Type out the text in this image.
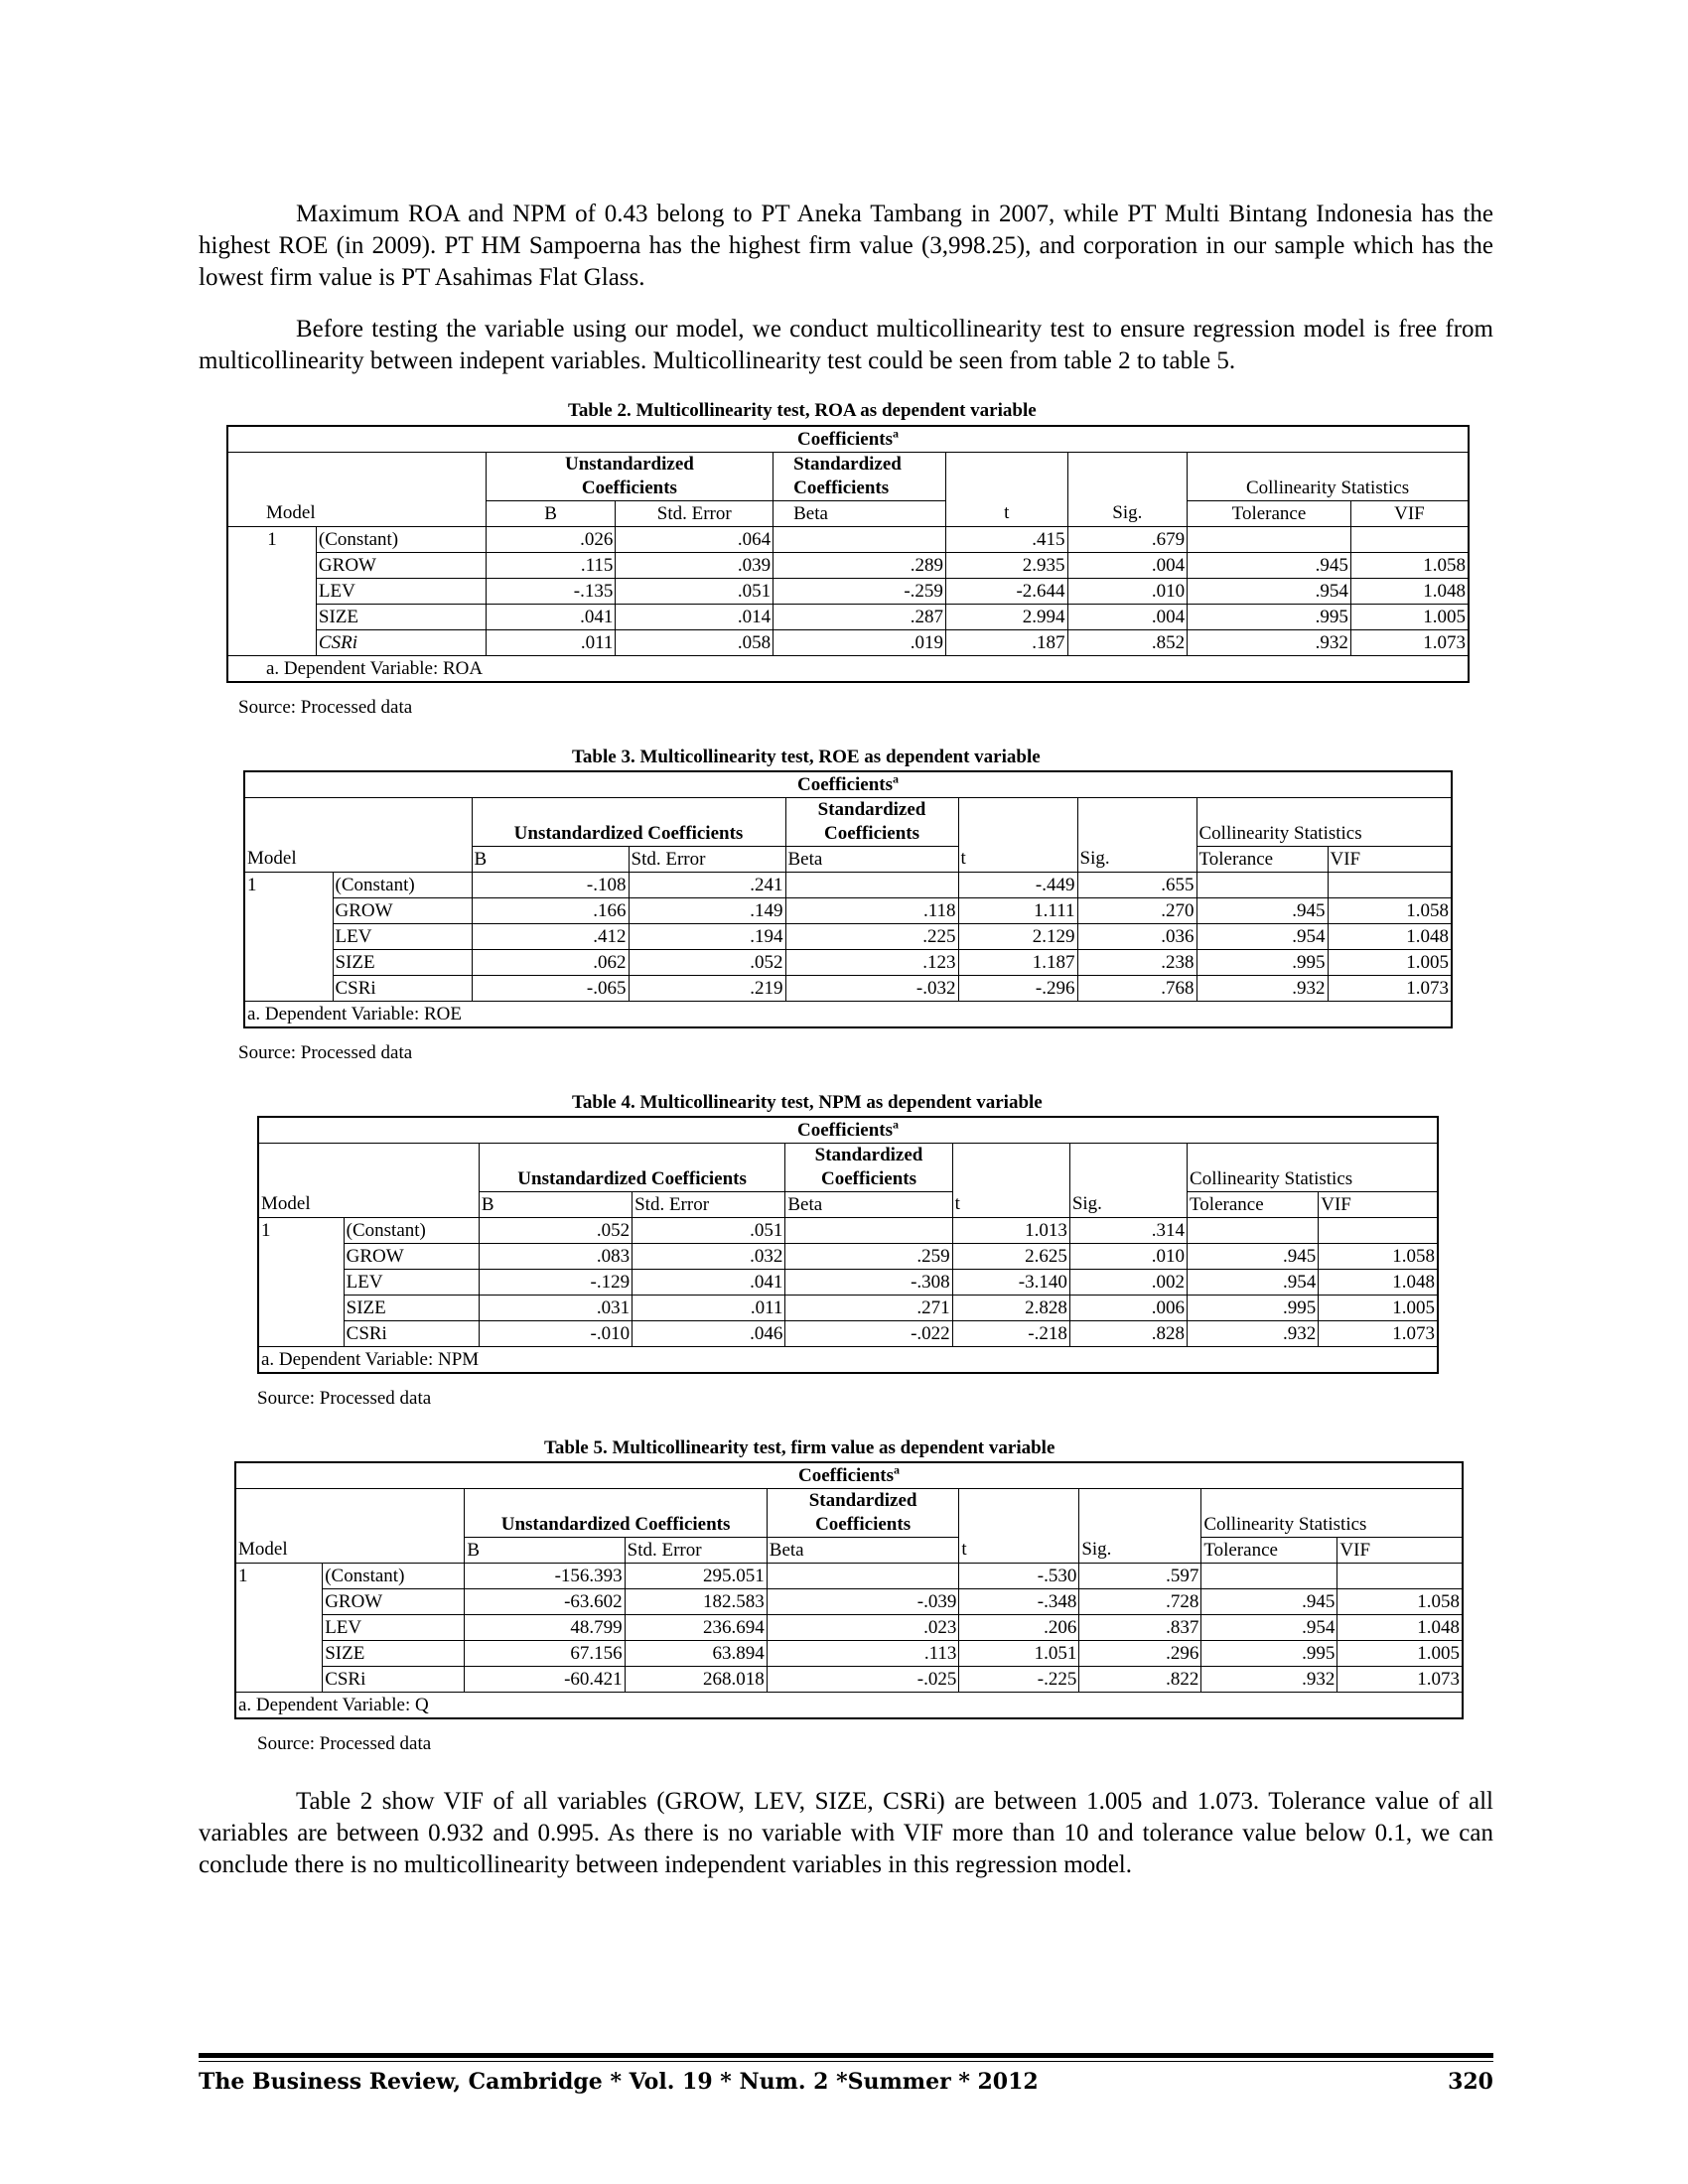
Maximum ROA and NPM of 0.43 belong to PT Aneka Tambang in 2007, while PT Multi Bintang Indonesia has the highest ROE (in 2009). PT HM Sampoerna has the highest firm value (3,998.25), and corporation in our sample which has the lowest firm value is PT Asahimas Flat Glass.

Before testing the variable using our model, we conduct multicollinearity test to ensure regression model is free from multicollinearity between indepent variables. Multicollinearity test could be seen from table 2 to table 5.

Table 2. Multicollinearity test, ROA as dependent variable
Coefficients$^a$
		Unstandardized
Coefficients		Standardized
Coefficients			Collinearity Statistics	
Model		B	Std. Error	Beta	t	Sig.	Tolerance	VIF
1	(Constant)	.026	.064		.415	.679		
	GROW	.115	.039	.289	2.935	.004	.945	1.058
	LEV	-.135	.051	-.259	-2.644	.010	.954	1.048
	SIZE	.041	.014	.287	2.994	.004	.995	1.005
	CSRi	.011	.058	.019	.187	.852	.932	1.073
a. Dependent Variable: ROA								
Source: Processed data
Table 3. Multicollinearity test, ROE as dependent variable
Coefficients$^a$
		Unstandardized Coefficients		Standardized
Coefficients			Collinearity Statistics	
Model		B	Std. Error	Beta	t	Sig.	Tolerance	VIF
1	(Constant)	-.108	.241		-.449	.655		
	GROW	.166	.149	.118	1.111	.270	.945	1.058
	LEV	.412	.194	.225	2.129	.036	.954	1.048
	SIZE	.062	.052	.123	1.187	.238	.995	1.005
	CSRi	-.065	.219	-.032	-.296	.768	.932	1.073
a. Dependent Variable: ROE								
Source: Processed data
Table 4. Multicollinearity test, NPM as dependent variable
Coefficients$^a$
		Unstandardized Coefficients		Standardized
Coefficients			Collinearity Statistics	
Model		B	Std. Error	Beta	t	Sig.	Tolerance	VIF
1	(Constant)	.052	.051		1.013	.314		
	GROW	.083	.032	.259	2.625	.010	.945	1.058
	LEV	-.129	.041	-.308	-3.140	.002	.954	1.048
	SIZE	.031	.011	.271	2.828	.006	.995	1.005
	CSRi	-.010	.046	-.022	-.218	.828	.932	1.073
a. Dependent Variable: NPM								
Source: Processed data
Table 5. Multicollinearity test, firm value as dependent variable
Coefficients$^a$
		Unstandardized Coefficients		Standardized
Coefficients			Collinearity Statistics	
Model		B	Std. Error	Beta	t	Sig.	Tolerance	VIF
1	(Constant)	-156.393	295.051		-.530	.597		
	GROW	-63.602	182.583	-.039	-.348	.728	.945	1.058
	LEV	48.799	236.694	.023	.206	.837	.954	1.048
	SIZE	67.156	63.894	.113	1.051	.296	.995	1.005
	CSRi	-60.421	268.018	-.025	-.225	.822	.932	1.073
a. Dependent Variable: Q								
Source: Processed data

Table 2 show VIF of all variables (GROW, LEV, SIZE, CSRi) are between 1.005 and 1.073. Tolerance value of all variables are between 0.932 and 0.995. As there is no variable with VIF more than 10 and tolerance value below 0.1, we can conclude there is no multicollinearity between independent variables in this regression model.

The Business Review, Cambridge * Vol. 19 * Num. 2 *Summer * 2012	320
